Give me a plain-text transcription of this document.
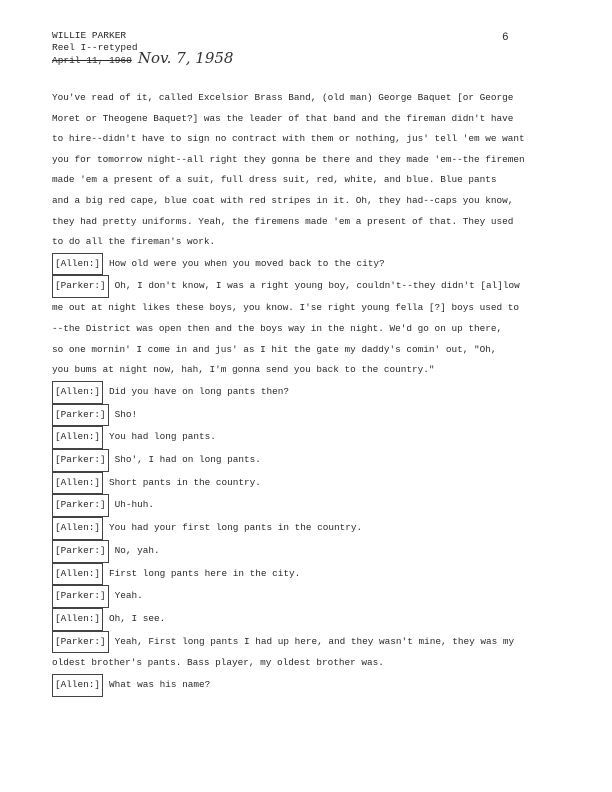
WILLIE PARKER
Reel I--retyped
April 11, 1960 Nov. 7, 1958
6

You've read of it, called Excelsior Brass Band, (old man) George Baquet [or George

Moret or Theogene Baquet?] was the leader of that band and the fireman didn't have

to hire--didn't have to sign no contract with them or nothing, jus' tell 'em we want

you for tomorrow night--all right they gonna be there and they made 'em--the firemen

made 'em a present of a suit, full dress suit, red, white, and blue. Blue pants

and a big red cape, blue coat with red stripes in it. Oh, they had--caps you know,

they had pretty uniforms. Yeah, the firemens made 'em a present of that. They used

to do all the fireman's work.

[Allen:] How old were you when you moved back to the city?
[Parker:] Oh, I don't know, I was a right young boy, couldn't--they didn't [al]low
me out at night likes these boys, you know. I'se right young fella [?] boys used to
--the District was open then and the boys way in the night. We'd go on up there,
so one mornin' I come in and jus' as I hit the gate my daddy's comin' out, "Oh,
you bums at night now, hah, I'm gonna send you back to the country."
[Allen:] Did you have on long pants then?
[Parker:] Sho!
[Allen:] You had long pants.
[Parker:] Sho', I had on long pants.
[Allen:] Short pants in the country.
[Parker:] Uh-huh.
[Allen:] You had your first long pants in the country.
[Parker:] No, yah.
[Allen:] First long pants here in the city.
[Parker:] Yeah.
[Allen:] Oh, I see.
[Parker:] Yeah, First long pants I had up here, and they wasn't mine, they was my
oldest brother's pants. Bass player, my oldest brother was.
[Allen:] What was his name?
